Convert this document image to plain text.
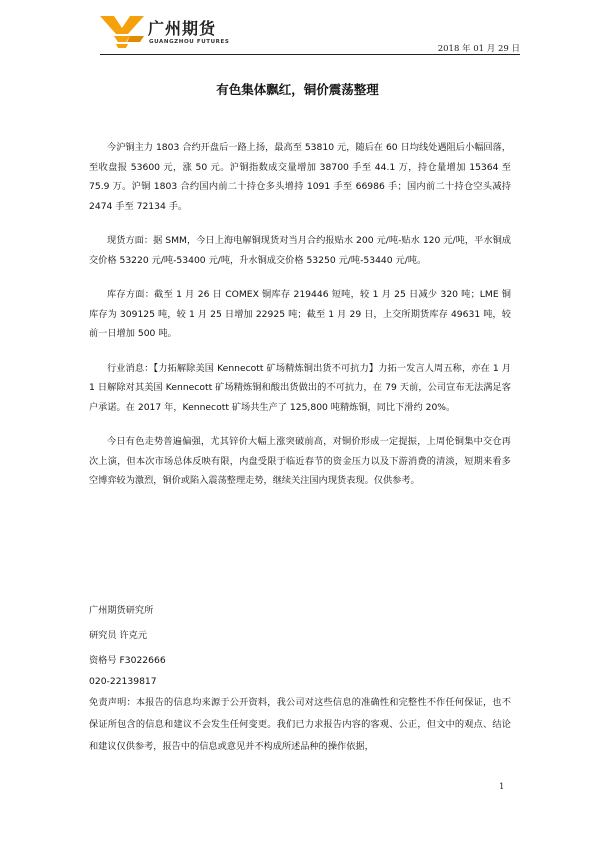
广州期货
GUANGZHOU FUTURES
2018 年 01 月 29 日
有色集体飘红，铜价震荡整理

今沪铜主力 1803 合约开盘后一路上扬，最高至 53810 元，随后在 60 日均线处遇阻后小幅回落，至收盘报 53600 元，涨 50 元。沪铜指数成交量增加 38700 手至 44.1 万，持仓量增加 15364 至 75.9 万。沪铜 1803 合约国内前二十持仓多头增持 1091 手至 66986 手；国内前二十持仓空头减持 2474 手至 72134 手。

现货方面：据 SMM，今日上海电解铜现货对当月合约报贴水 200 元/吨-贴水 120 元/吨，平水铜成交价格 53220 元/吨-53400 元/吨，升水铜成交价格 53250 元/吨-53440 元/吨。

库存方面：截至 1 月 26 日 COMEX 铜库存 219446 短吨，较 1 月 25 日减少 320 吨；LME 铜库存为 309125 吨，较 1 月 25 日增加 22925 吨；截至 1 月 29 日，上交所期货库存 49631 吨，较前一日增加 500 吨。

行业消息：【力拓解除美国 Kennecott 矿场精炼铜出货不可抗力】力拓一发言人周五称，亦在 1 月 1 日解除对其美国 Kennecott 矿场精炼铜和酸出货做出的不可抗力，在 79 天前，公司宣布无法满足客户承诺。在 2017 年，Kennecott 矿场共生产了 125,800 吨精炼铜，同比下滑约 20%。

今日有色走势普遍偏强，尤其锌价大幅上涨突破前高，对铜价形成一定提振，上周伦铜集中交仓再次上演，但本次市场总体反映有限，内盘受限于临近春节的资金压力以及下游消费的清淡，短期来看多空博弈较为激烈，铜价或陷入震荡整理走势，继续关注国内现货表现。仅供参考。

广州期货研究所
研究员 许克元
资格号 F3022666
020-22139817
免责声明：本报告的信息均来源于公开资料，我公司对这些信息的准确性和完整性不作任何保证，也不保证所包含的信息和建议不会发生任何变更。我们已力求报告内容的客观、公正，但文中的观点、结论和建议仅供参考，报告中的信息或意见并不构成所述品种的操作依据，
1
